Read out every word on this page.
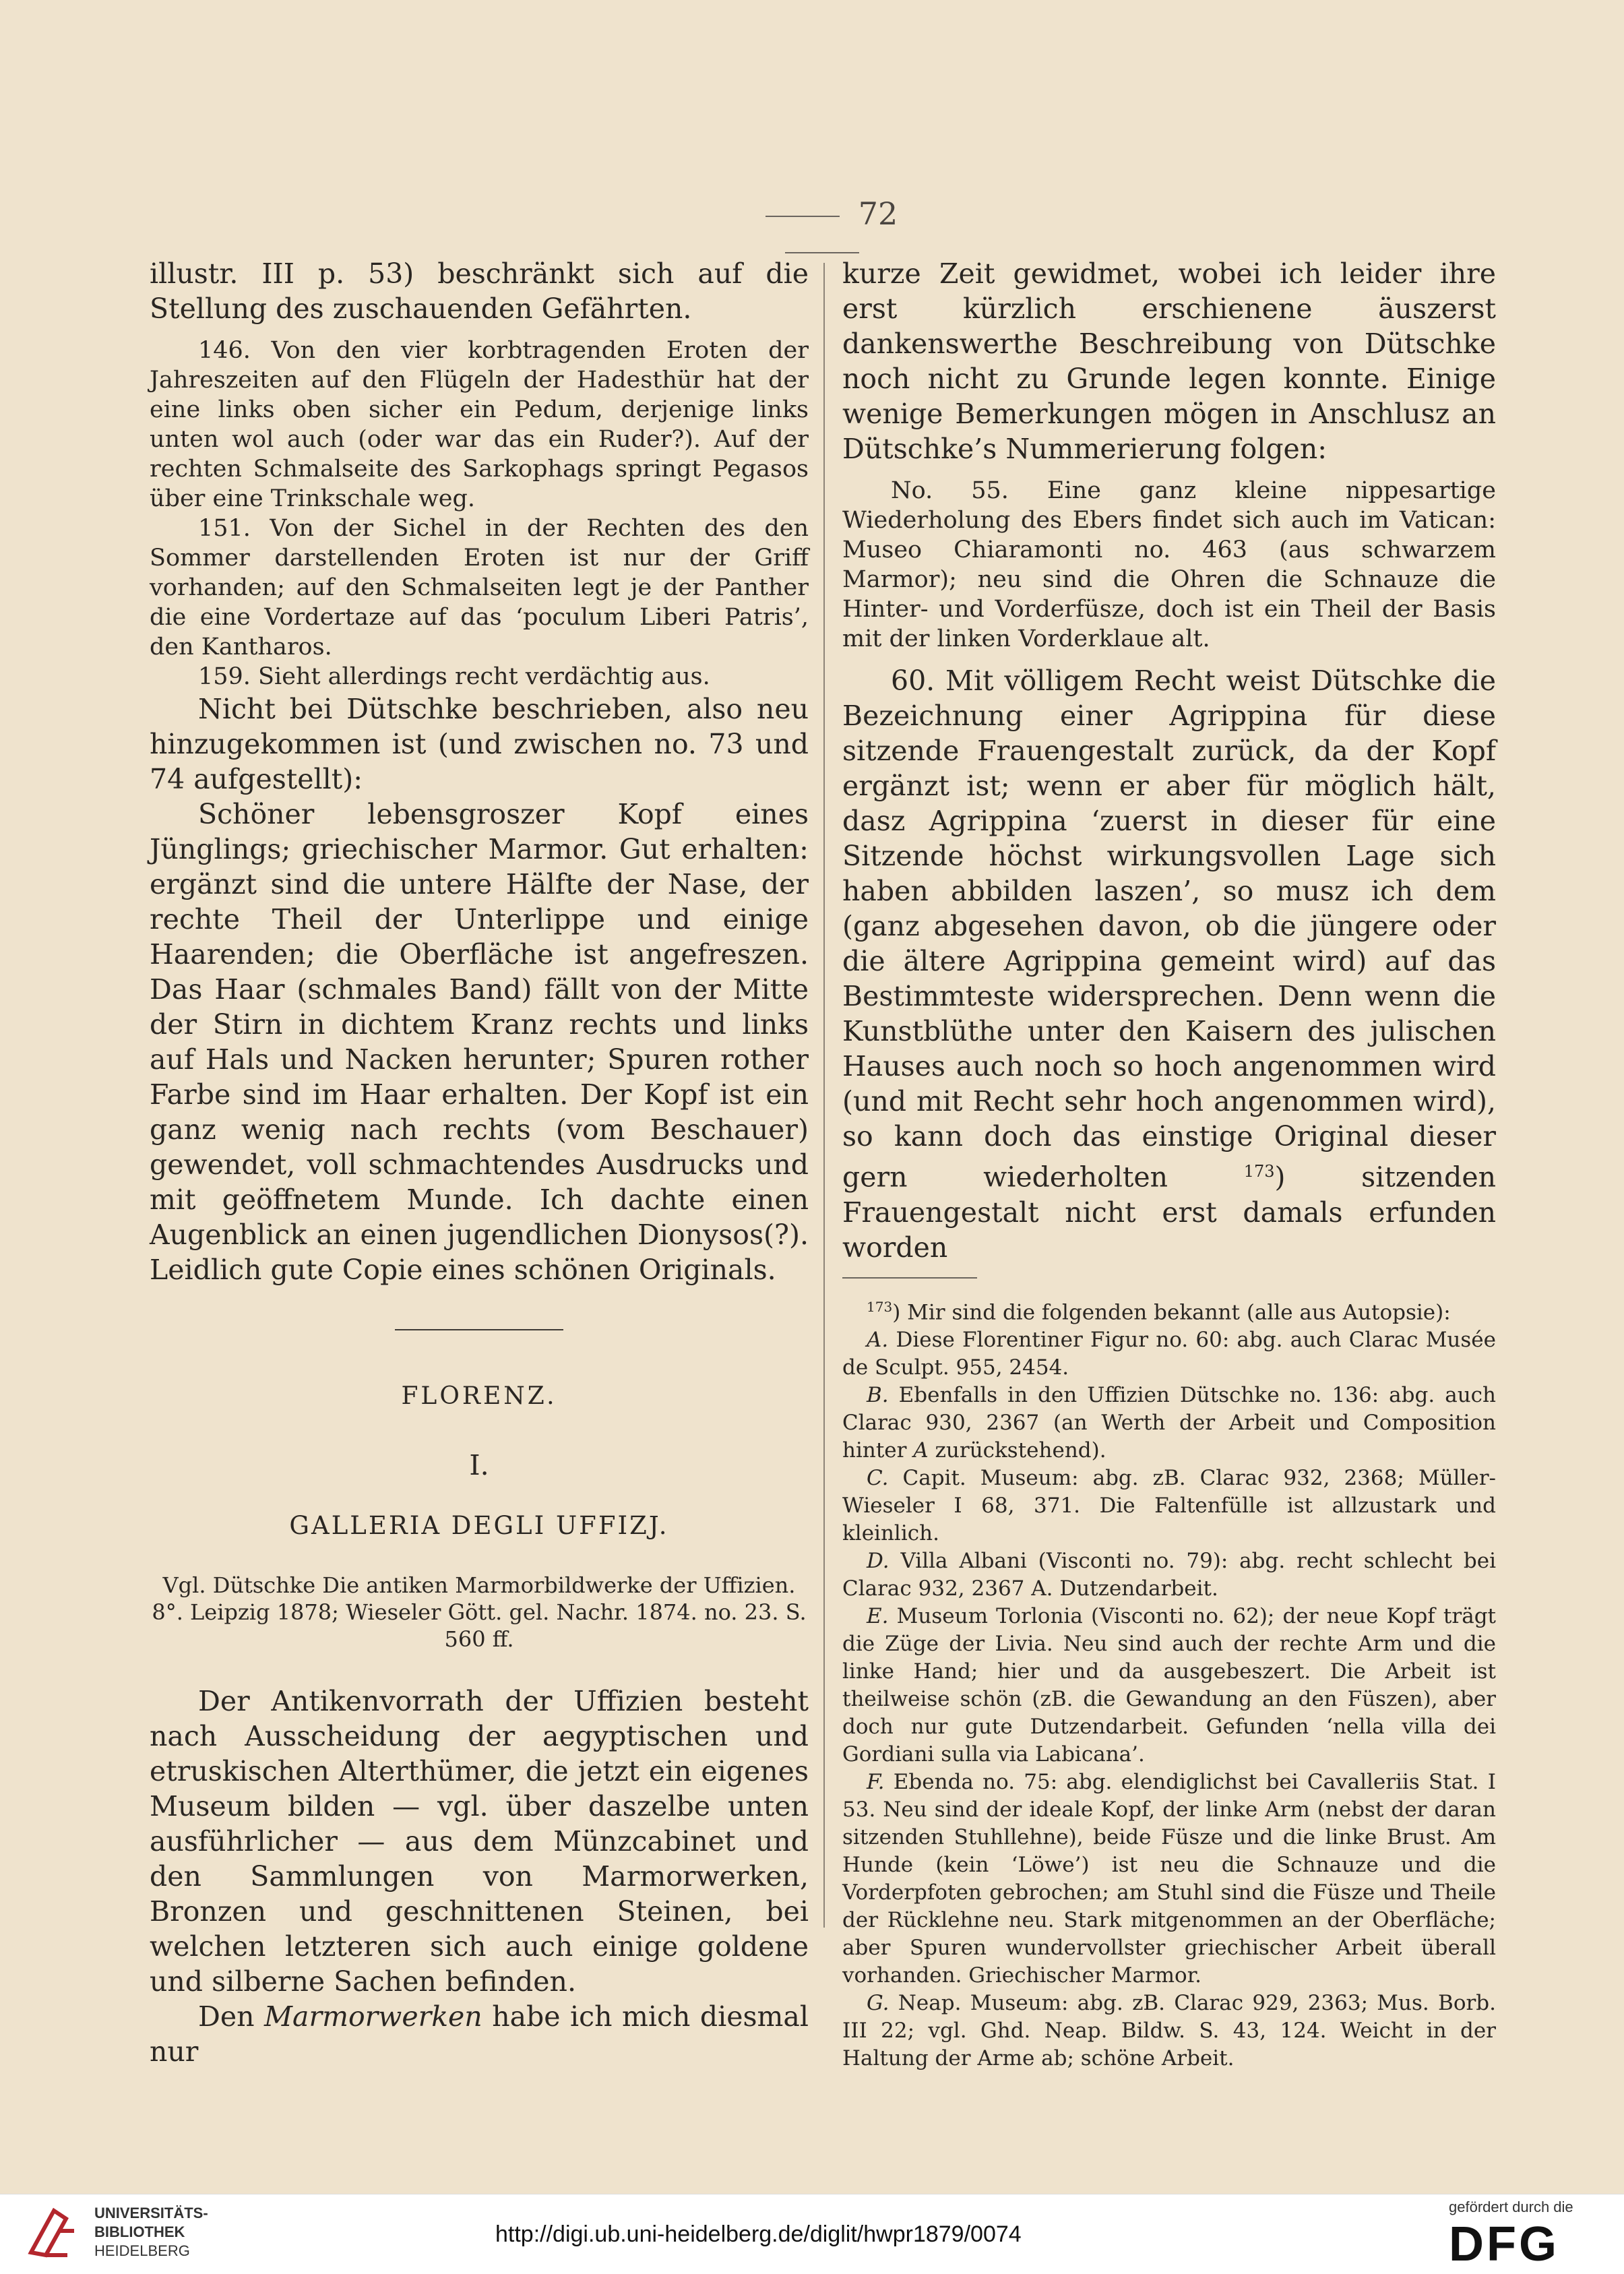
72

illustr. III p. 53) beschränkt sich auf die Stellung des zuschauenden Gefährten.

146. Von den vier korbtragenden Eroten der Jahreszeiten auf den Flügeln der Hadesthür hat der eine links oben sicher ein Pedum, derjenige links unten wol auch (oder war das ein Ruder?). Auf der rechten Schmalseite des Sarkophags springt Pegasos über eine Trinkschale weg.

151. Von der Sichel in der Rechten des den Sommer darstellenden Eroten ist nur der Griff vorhanden; auf den Schmalseiten legt je der Panther die eine Vordertaze auf das ‘poculum Liberi Patris’, den Kantharos.

159. Sieht allerdings recht verdächtig aus.

Nicht bei Dütschke beschrieben, also neu hinzugekommen ist (und zwischen no. 73 und 74 aufgestellt):

Schöner lebensgroszer Kopf eines Jünglings; griechischer Marmor. Gut erhalten: ergänzt sind die untere Hälfte der Nase, der rechte Theil der Unterlippe und einige Haarenden; die Oberfläche ist angefreszen. Das Haar (schmales Band) fällt von der Mitte der Stirn in dichtem Kranz rechts und links auf Hals und Nacken herunter; Spuren rother Farbe sind im Haar erhalten. Der Kopf ist ein ganz wenig nach rechts (vom Beschauer) gewendet, voll schmachtendes Ausdrucks und mit geöffnetem Munde. Ich dachte einen Augenblick an einen jugendlichen Dionysos(?). Leidlich gute Copie eines schönen Originals.

FLORENZ.
I.
GALLERIA DEGLI UFFIZJ.
Vgl. Dütschke Die antiken Marmorbildwerke der Uffizien. 8°. Leipzig 1878; Wieseler Gött. gel. Nachr. 1874. no. 23. S. 560 ff.

Der Antikenvorrath der Uffizien besteht nach Ausscheidung der aegyptischen und etruskischen Alterthümer, die jetzt ein eigenes Museum bilden — vgl. über daszelbe unten ausführlicher — aus dem Münzcabinet und den Sammlungen von Marmorwerken, Bronzen und geschnittenen Steinen, bei welchen letzteren sich auch einige goldene und silberne Sachen befinden.

Den Marmorwerken habe ich mich diesmal nur

kurze Zeit gewidmet, wobei ich leider ihre erst kürzlich erschienene äuszerst dankenswerthe Beschreibung von Dütschke noch nicht zu Grunde legen konnte. Einige wenige Bemerkungen mögen in Anschlusz an Dütschke’s Nummerierung folgen:

No. 55. Eine ganz kleine nippesartige Wiederholung des Ebers findet sich auch im Vatican: Museo Chiaramonti no. 463 (aus schwarzem Marmor); neu sind die Ohren die Schnauze die Hinter- und Vorderfüsze, doch ist ein Theil der Basis mit der linken Vorderklaue alt.

60. Mit völligem Recht weist Dütschke die Bezeichnung einer Agrippina für diese sitzende Frauengestalt zurück, da der Kopf ergänzt ist; wenn er aber für möglich hält, dasz Agrippina ‘zuerst in dieser für eine Sitzende höchst wirkungsvollen Lage sich haben abbilden laszen’, so musz ich dem (ganz abgesehen davon, ob die jüngere oder die ältere Agrippina gemeint wird) auf das Bestimmteste widersprechen. Denn wenn die Kunstblüthe unter den Kaisern des julischen Hauses auch noch so hoch angenommen wird (und mit Recht sehr hoch angenommen wird), so kann doch das einstige Original dieser gern wiederholten	$^{173}$) sitzenden Frauengestalt nicht erst damals erfunden worden

$^{173}$) Mir sind die folgenden bekannt (alle aus Autopsie):

A. Diese Florentiner Figur no. 60: abg. auch Clarac Musée de Sculpt. 955, 2454.

B. Ebenfalls in den Uffizien Dütschke no. 136: abg. auch Clarac 930, 2367 (an Werth der Arbeit und Composition hinter A zurückstehend).

C. Capit. Museum: abg. zB. Clarac 932, 2368; Müller-Wieseler I 68, 371. Die Faltenfülle ist allzustark und kleinlich.

D. Villa Albani (Visconti no. 79): abg. recht schlecht bei Clarac 932, 2367 A. Dutzendarbeit.

E. Museum Torlonia (Visconti no. 62); der neue Kopf trägt die Züge der Livia. Neu sind auch der rechte Arm und die linke Hand; hier und da ausgebeszert. Die Arbeit ist theilweise schön (zB. die Gewandung an den Füszen), aber doch nur gute Dutzendarbeit. Gefunden ‘nella villa dei Gordiani sulla via Labicana’.

F. Ebenda no. 75: abg. elendiglichst bei Cavalleriis Stat. I 53. Neu sind der ideale Kopf, der linke Arm (nebst der daran sitzenden Stuhllehne), beide Füsze und die linke Brust. Am Hunde (kein ‘Löwe’) ist neu die Schnauze und die Vorderpfoten gebrochen; am Stuhl sind die Füsze und Theile der Rücklehne neu. Stark mitgenommen an der Oberfläche; aber Spuren wundervollster griechischer Arbeit überall vorhanden. Griechischer Marmor.

G. Neap. Museum: abg. zB. Clarac 929, 2363; Mus. Borb. III 22; vgl. Ghd. Neap. Bildw. S. 43, 124. Weicht in der Haltung der Arme ab; schöne Arbeit.

UNIVERSITÄTS-
BIBLIOTHEK
HEIDELBERG
http://digi.ub.uni-heidelberg.de/diglit/hwpr1879/0074
gefördert durch die
DFG
